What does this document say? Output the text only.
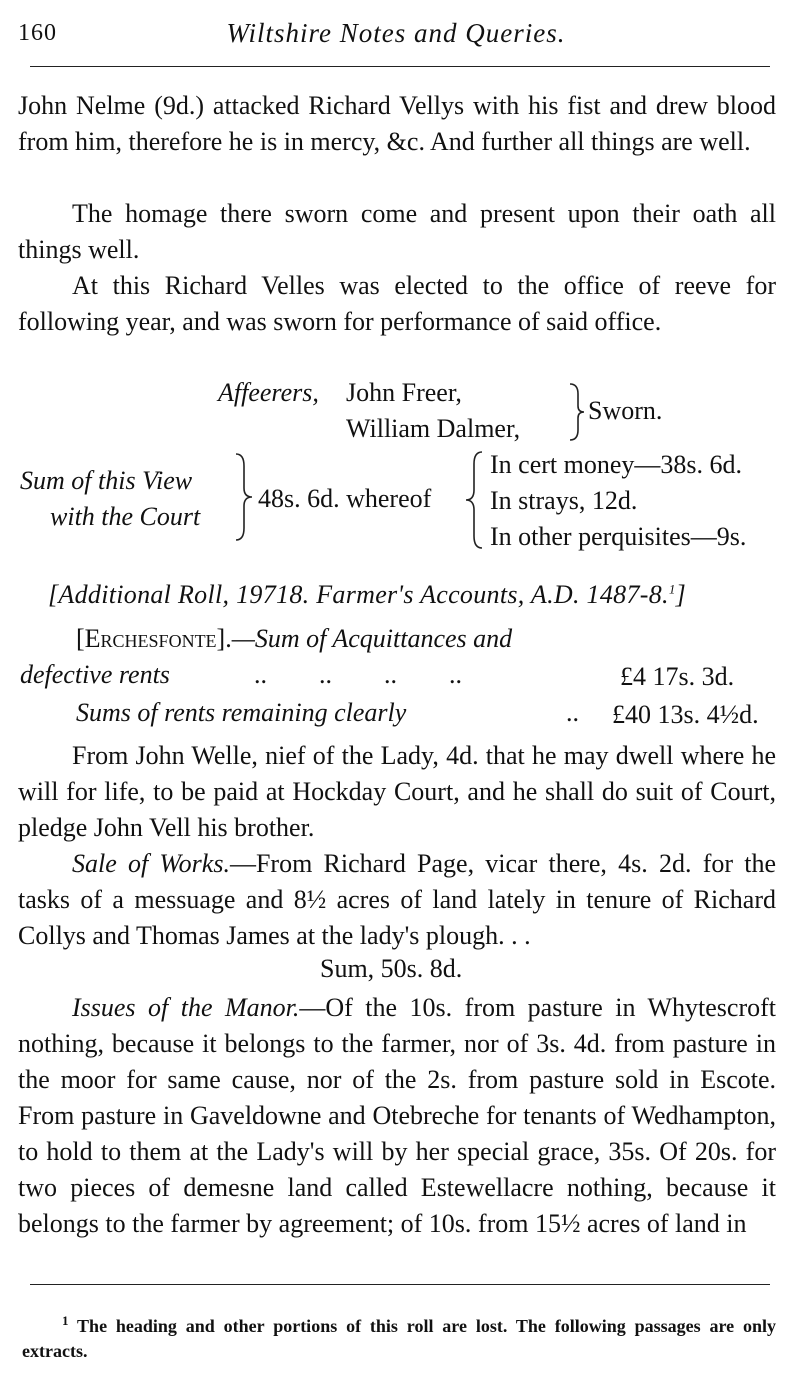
160	Wiltshire Notes and Queries.
John Nelme (9d.) attacked Richard Vellys with his fist and drew blood from him, therefore he is in mercy, &c. And further all things are well.
The homage there sworn come and present upon their oath all things well.
At this Richard Velles was elected to the office of reeve for following year, and was sworn for performance of said office.
Affeerers, John Freer,
William Dalmer,
Sworn.
Sum of this View
with the Court
48s. 6d. whereof
In cert money—38s. 6d.
In strays, 12d.
In other perquisites—9s.
[Additional Roll, 19718. Farmer's Accounts, A.D. 1487-8.$^1$]
[Erchesfonte].—Sum of Acquittances and
defective rents	..        ..        ..        ..	£4 17s. 3d.
Sums of rents remaining clearly	.. £40 13s. 4½d.
From John Welle, nief of the Lady, 4d. that he may dwell where he will for life, to be paid at Hockday Court, and he shall do suit of Court, pledge John Vell his brother.
Sale of Works.—From Richard Page, vicar there, 4s. 2d. for the tasks of a messuage and 8½ acres of land lately in tenure of Richard Collys and Thomas James at the lady's plough. . .
Sum, 50s. 8d.
Issues of the Manor.—Of the 10s. from pasture in Whytescroft nothing, because it belongs to the farmer, nor of 3s. 4d. from pasture in the moor for same cause, nor of the 2s. from pasture sold in Escote. From pasture in Gaveldowne and Otebreche for tenants of Wedhampton, to hold to them at the Lady's will by her special grace, 35s. Of 20s. for two pieces of demesne land called Estewellacre nothing, because it belongs to the farmer by agreement; of 10s. from 15½ acres of land in
$^1$ The heading and other portions of this roll are lost. The following passages are only extracts.
